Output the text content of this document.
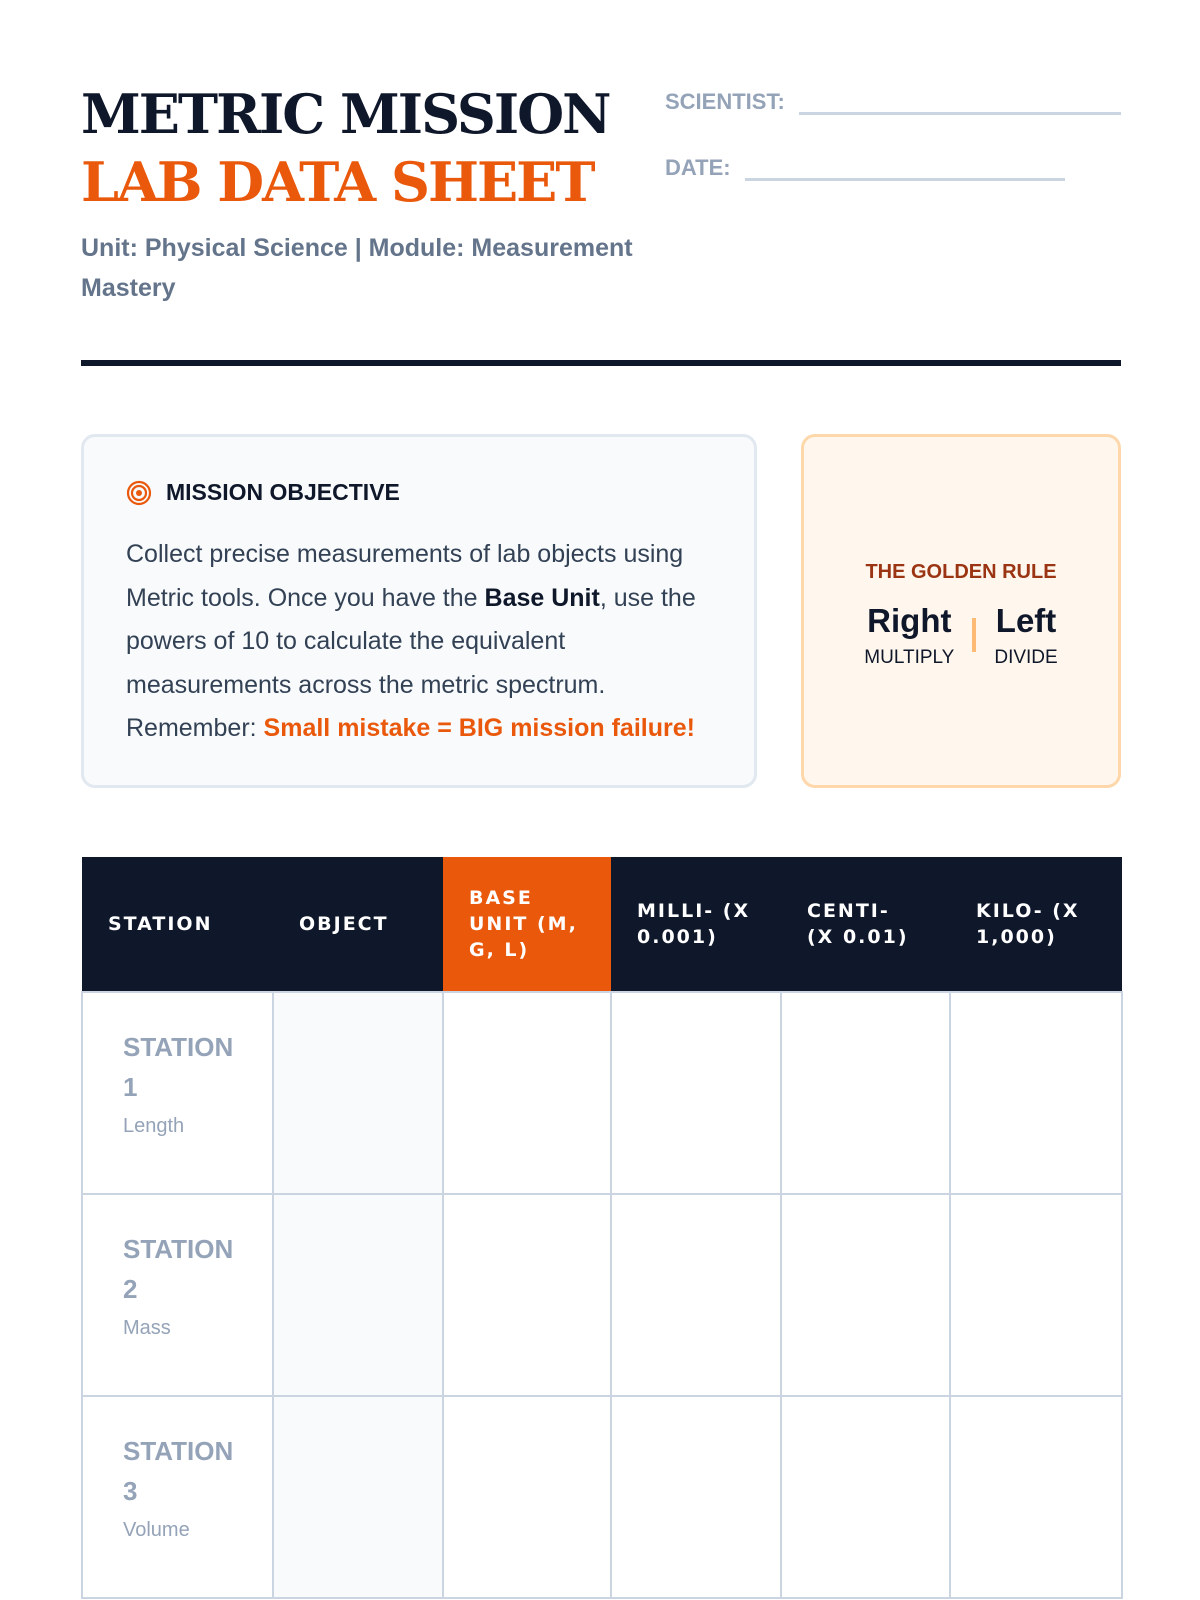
METRIC MISSION
LAB DATA SHEET
Unit: Physical Science | Module: Measurement Mastery
SCIENTIST:
DATE:
MISSION OBJECTIVE
Collect precise measurements of lab objects using Metric tools. Once you have the Base Unit, use the powers of 10 to calculate the equivalent measurements across the metric spectrum. Remember: Small mistake = BIG mission failure!
THE GOLDEN RULE
Right
MULTIPLY
Left
DIVIDE
STATION	OBJECT	BASE UNIT (M, G, L)	MILLI- (X 0.001)	CENTI- (X 0.01)	KILO- (X 1,000)

STATION 1
Length					

STATION 2
Mass					

STATION 3
Volume					
